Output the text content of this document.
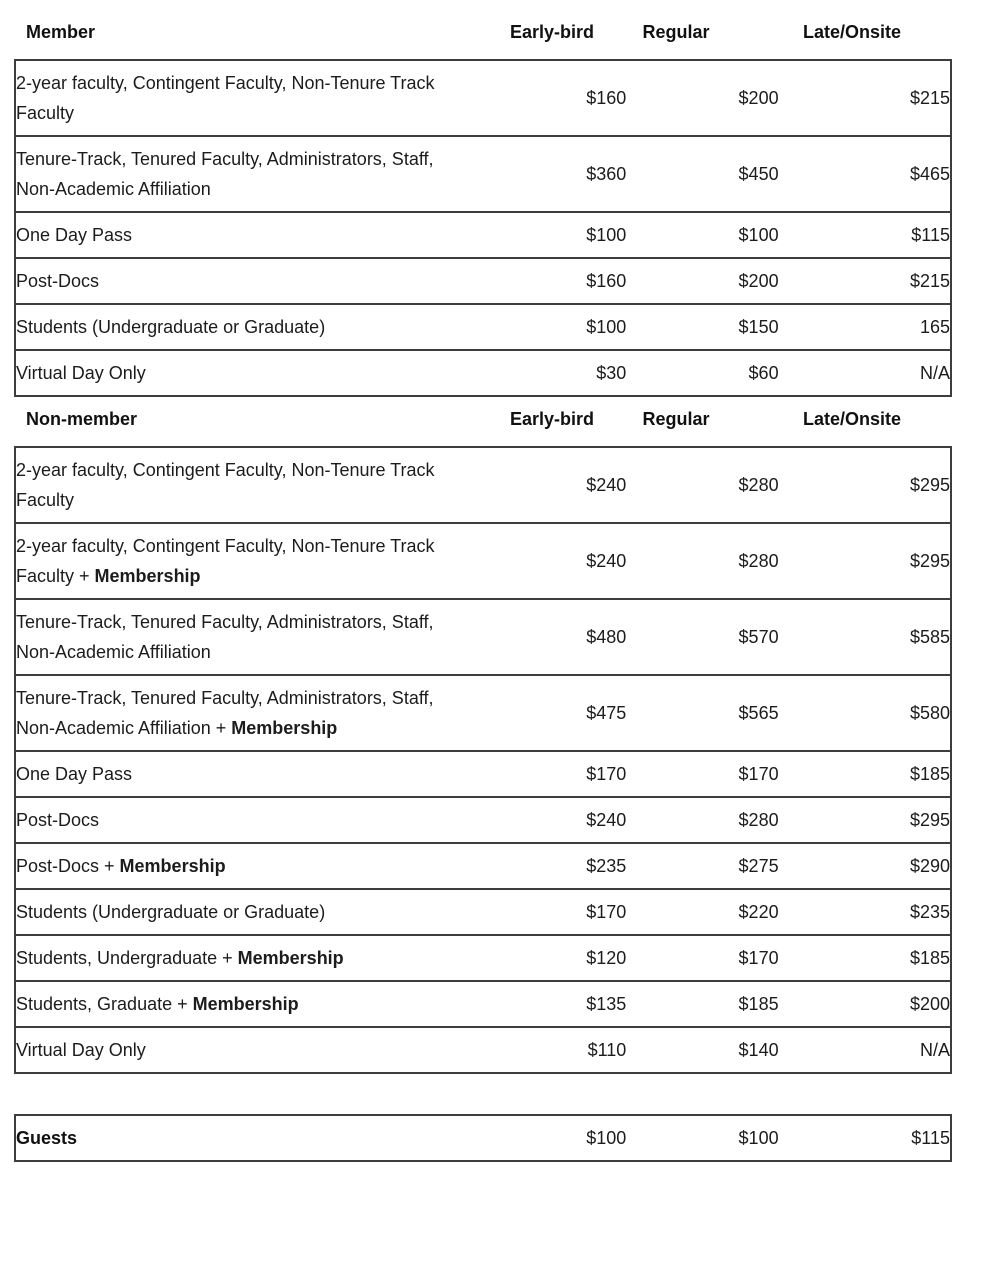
Member	Early-bird	Regular	Late/Onsite
2-year faculty, Contingent Faculty, Non-Tenure Track Faculty	$160	$200	$215
Tenure-Track, Tenured Faculty, Administrators, Staff, Non-Academic Affiliation	$360	$450	$465
One Day Pass	$100	$100	$115
Post-Docs	$160	$200	$215
Students (Undergraduate or Graduate)	$100	$150	165
Virtual Day Only	$30	$60	N/A
Non-member	Early-bird	Regular	Late/Onsite
2-year faculty, Contingent Faculty, Non-Tenure Track Faculty	$240	$280	$295
2-year faculty, Contingent Faculty, Non-Tenure Track Faculty + Membership	$240	$280	$295
Tenure-Track, Tenured Faculty, Administrators, Staff, Non-Academic Affiliation	$480	$570	$585
Tenure-Track, Tenured Faculty, Administrators, Staff, Non-Academic Affiliation + Membership	$475	$565	$580
One Day Pass	$170	$170	$185
Post-Docs	$240	$280	$295
Post-Docs + Membership	$235	$275	$290
Students (Undergraduate or Graduate)	$170	$220	$235
Students, Undergraduate + Membership	$120	$170	$185
Students, Graduate + Membership	$135	$185	$200
Virtual Day Only	$110	$140	N/A
Guests	$100	$100	$115
